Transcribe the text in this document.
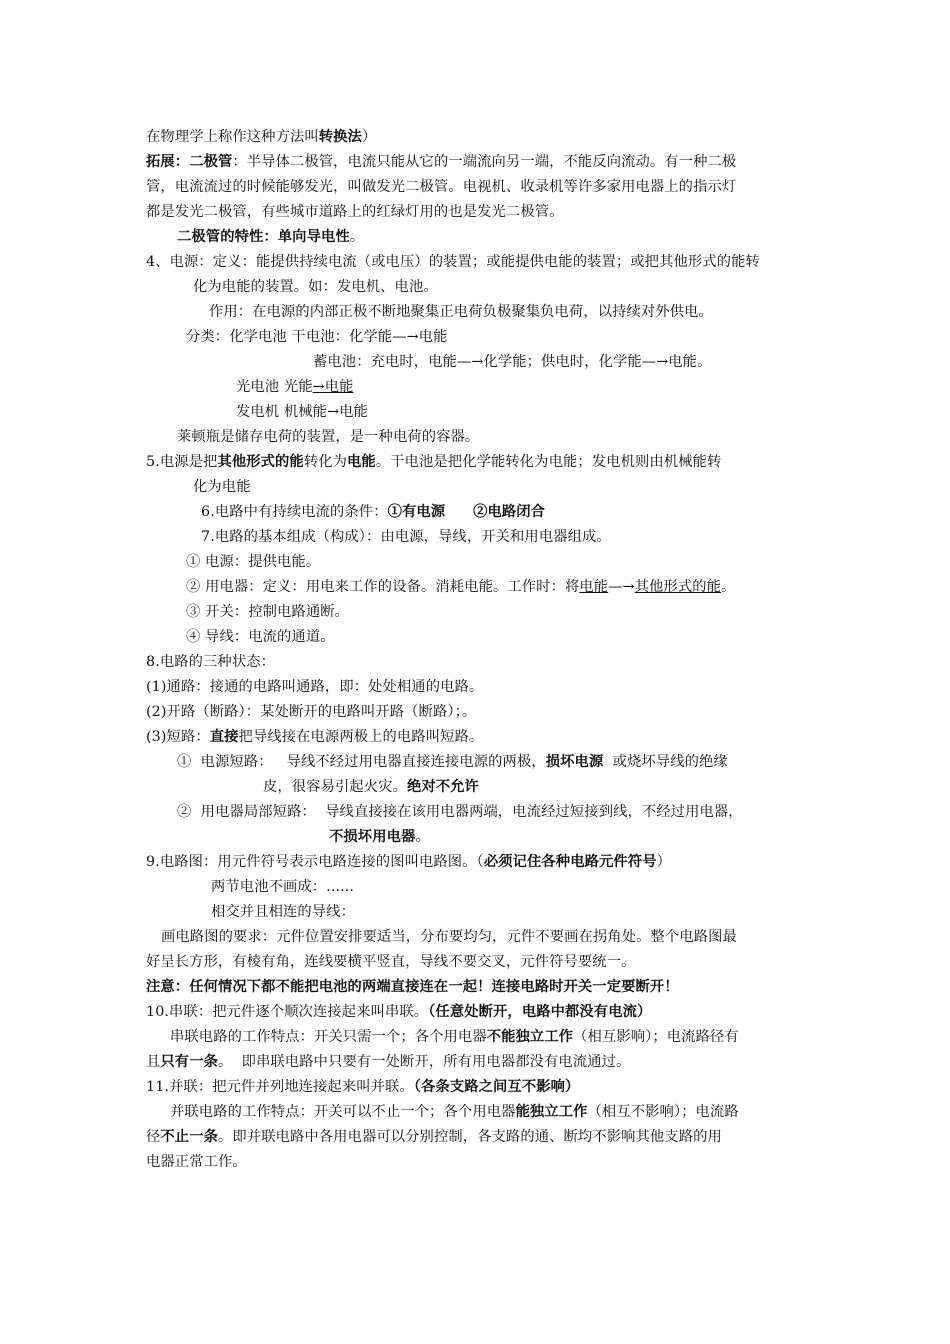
在物理学上称作这种方法叫转换法）
拓展：二极管：半导体二极管，电流只能从它的一端流向另一端，不能反向流动。有一种二极
管，电流流过的时候能够发光，叫做发光二极管。电视机、收录机等许多家用电器上的指示灯
都是发光二极管，有些城市道路上的红绿灯用的也是发光二极管。
二极管的特性：单向导电性。
4、电源：定义：能提供持续电流（或电压）的装置；或能提供电能的装置；或把其他形式的能转
化为电能的装置。如：发电机、电池。
作用：在电源的内部正极不断地聚集正电荷负极聚集负电荷，以持续对外供电。
分类：化学电池 干电池：化学能—→电能
蓄电池：充电时，电能—→化学能；供电时，化学能—→电能。
光电池 光能→电能
发电机 机械能→电能
莱顿瓶是储存电荷的装置，是一种电荷的容器。
5.电源是把其他形式的能转化为电能。干电池是把化学能转化为电能；发电机则由机械能转
化为电能
6.电路中有持续电流的条件：①有电源 ②电路闭合
7.电路的基本组成（构成）：由电源，导线，开关和用电器组成。
① 电源：提供电能。
② 用电器：定义：用电来工作的设备。消耗电能。工作时：将电能—→其他形式的能。
③ 开关：控制电路通断。
④ 导线：电流的通道。
8.电路的三种状态：
(1)通路：接通的电路叫通路，即：处处相通的电路。
(2)开路（断路）：某处断开的电路叫开路（断路）；。
(3)短路：直接把导线接在电源两极上的电路叫短路。
①  电源短路：   导线不经过用电器直接连接电源的两极，损坏电源  或烧坏导线的绝缘
皮，很容易引起火灾。绝对不允许
②  用电器局部短路：  导线直接接在该用电器两端，电流经过短接到线，不经过用电器，
不损坏用电器。
9.电路图：用元件符号表示电路连接的图叫电路图。（必须记住各种电路元件符号）
两节电池不画成：......
相交并且相连的导线：
画电路图的要求：元件位置安排要适当，分布要均匀，元件不要画在拐角处。整个电路图最
好呈长方形，有棱有角，连线要横平竖直，导线不要交叉，元件符号要统一。
注意：任何情况下都不能把电池的两端直接连在一起！连接电路时开关一定要断开！
10.串联：把元件逐个顺次连接起来叫串联。（任意处断开，电路中都没有电流）
串联电路的工作特点：开关只需一个；各个用电器不能独立工作（相互影响）；电流路径有
且只有一条。  即串联电路中只要有一处断开，所有用电器都没有电流通过。
11.并联：把元件并列地连接起来叫并联。（各条支路之间互不影响）
并联电路的工作特点：开关可以不止一个；各个用电器能独立工作（相互不影响）；电流路
径不止一条。即并联电路中各用电器可以分别控制，各支路的通、断均不影响其他支路的用
电器正常工作。
